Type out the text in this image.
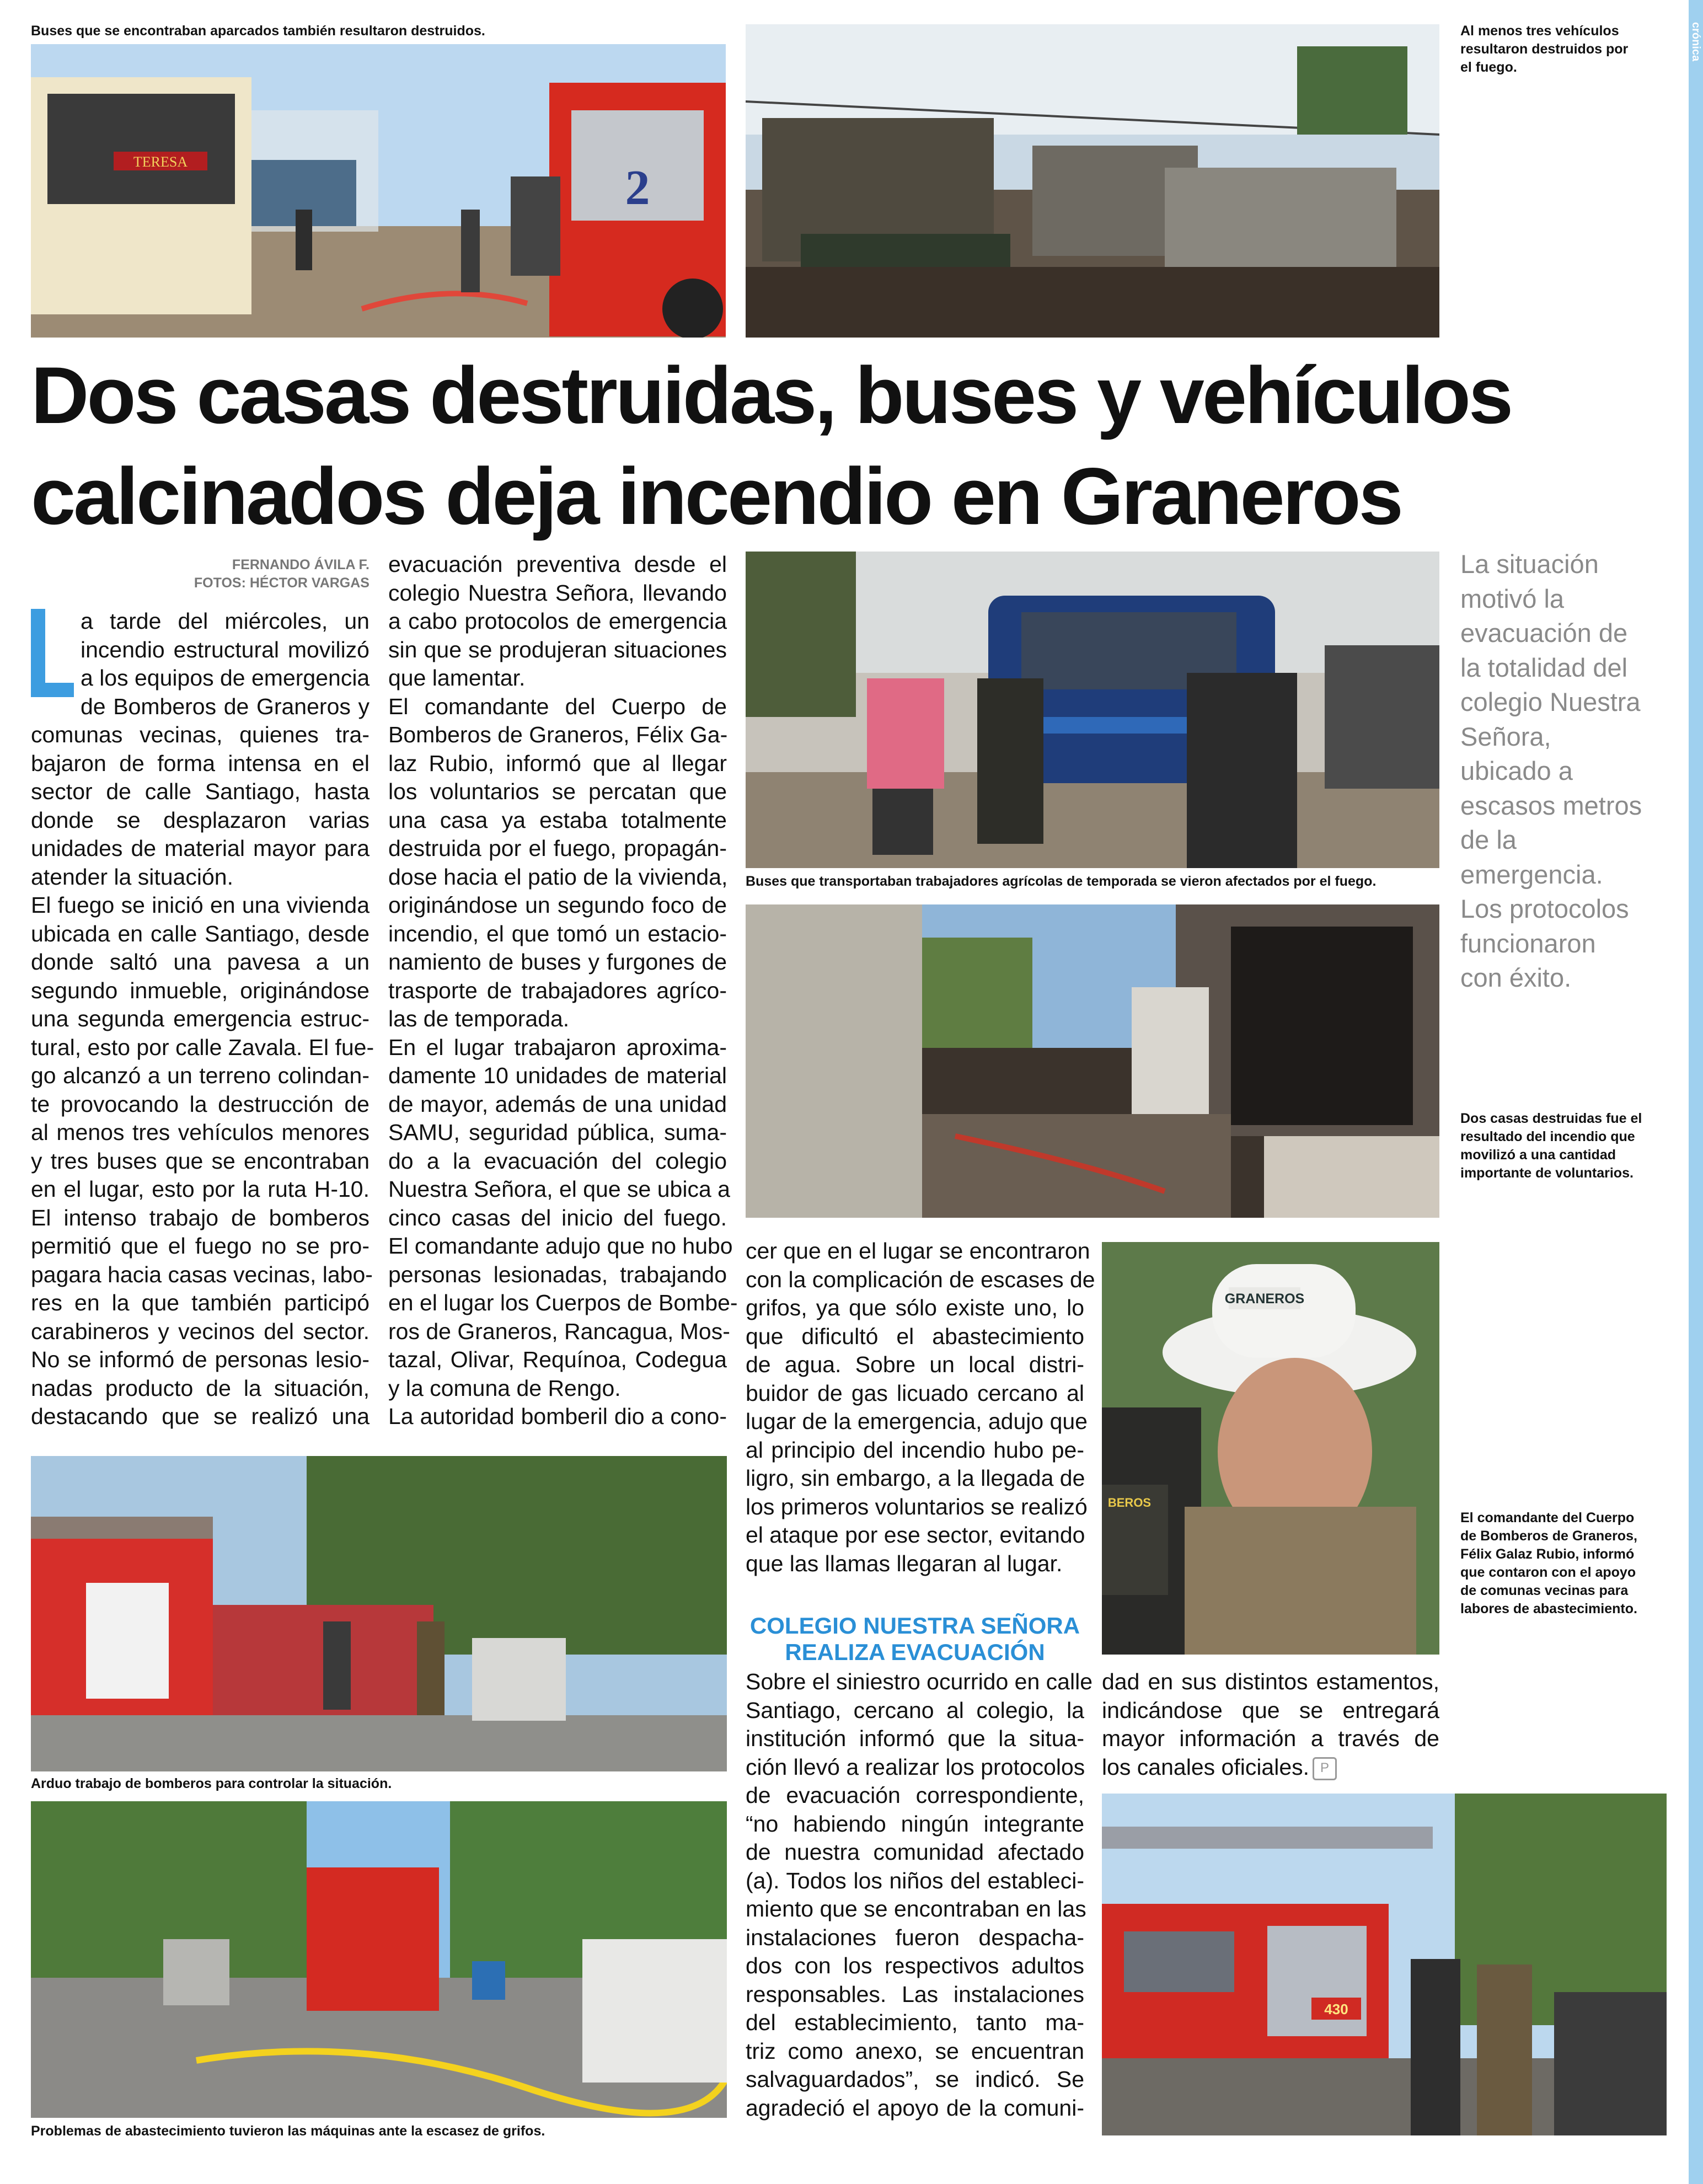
crónica
TERESA	2
Buses que se encontraban aparcados también resultaron destruidos.	Al menos tres vehículos resultaron destruidos por el fuego.
Dos casas destruidas, buses y vehículos
calcinados deja incendio en Graneros
FERNANDO ÁVILA F.
FOTOS: HÉCTOR VARGAS
a tarde del miércoles, un
incendio estructural movilizó
a los equipos de emergencia
de Bomberos de Graneros y
comunas vecinas, quienes tra-
bajaron de forma intensa en el
sector de calle Santiago, hasta
donde se desplazaron varias
unidades de material mayor para
atender la situación.
El fuego se inició en una vivienda
ubicada en calle Santiago, desde
donde saltó una pavesa a un
segundo inmueble, originándose
una segunda emergencia estruc-
tural, esto por calle Zavala. El fue-
go alcanzó a un terreno colindan-
te provocando la destrucción de
al menos tres vehículos menores
y tres buses que se encontraban
en el lugar, esto por la ruta H-10.
El intenso trabajo de bomberos
permitió que el fuego no se pro-
pagara hacia casas vecinas, labo-
res en la que también participó
carabineros y vecinos del sector.
No se informó de personas lesio-
nadas producto de la situación,
destacando que se realizó una
evacuación preventiva desde el
colegio Nuestra Señora, llevando
a cabo protocolos de emergencia
sin que se produjeran situaciones
que lamentar.
El comandante del Cuerpo de
Bomberos de Graneros, Félix Ga-
laz Rubio, informó que al llegar
los voluntarios se percatan que
una casa ya estaba totalmente
destruida por el fuego, propagán-
dose hacia el patio de la vivienda,
originándose un segundo foco de
incendio, el que tomó un estacio-
namiento de buses y furgones de
trasporte de trabajadores agríco-
las de temporada.
En el lugar trabajaron aproxima-
damente 10 unidades de material
de mayor, además de una unidad
SAMU, seguridad pública, suma-
do a la evacuación del colegio
Nuestra Señora, el que se ubica a
cinco casas del inicio del fuego.
El comandante adujo que no hubo
personas lesionadas, trabajando
en el lugar los Cuerpos de Bombe-
ros de Graneros, Rancagua, Mos-
tazal, Olivar, Requínoa, Codegua
y la comuna de Rengo.
La autoridad bomberil dio a cono-
Buses que transportaban trabajadores agrícolas de temporada se vieron afectados por el fuego.
La situación motivó la evacuación de la totalidad del colegio Nuestra Señora, ubicado a escasos metros de la emergencia. Los protocolos funcionaron con éxito.
Dos casas destruidas fue el resultado del incendio que movilizó a una cantidad importante de voluntarios.
cer que en el lugar se encontraron
con la complicación de escases de
grifos, ya que sólo existe uno, lo
que dificultó el abastecimiento
de agua. Sobre un local distri-
buidor de gas licuado cercano al
lugar de la emergencia, adujo que
al principio del incendio hubo pe-
ligro, sin embargo, a la llegada de
los primeros voluntarios se realizó
el ataque por ese sector, evitando
que las llamas llegaran al lugar.
COLEGIO NUESTRA SEÑORA
REALIZA EVACUACIÓN
Sobre el siniestro ocurrido en calle
Santiago, cercano al colegio, la
institución informó que la situa-
ción llevó a realizar los protocolos
de evacuación correspondiente,
“no habiendo ningún integrante
de nuestra comunidad afectado
(a). Todos los niños del estableci-
miento que se encontraban en las
instalaciones fueron despacha-
dos con los respectivos adultos
responsables. Las instalaciones
del establecimiento, tanto ma-
triz como anexo, se encuentran
salvaguardados”, se indicó. Se
agradeció el apoyo de la comuni-
GRANEROS
BEROS
El comandante del Cuerpo de Bomberos de Graneros, Félix Galaz Rubio, informó que contaron con el apoyo de comunas vecinas para labores de abastecimiento.
dad en sus distintos estamentos,
indicándose que se entregará
mayor información a través de
los canales oficiales. P
Arduo trabajo de bomberos para controlar la situación.
Problemas de abastecimiento tuvieron las máquinas ante la escasez de grifos.
430
